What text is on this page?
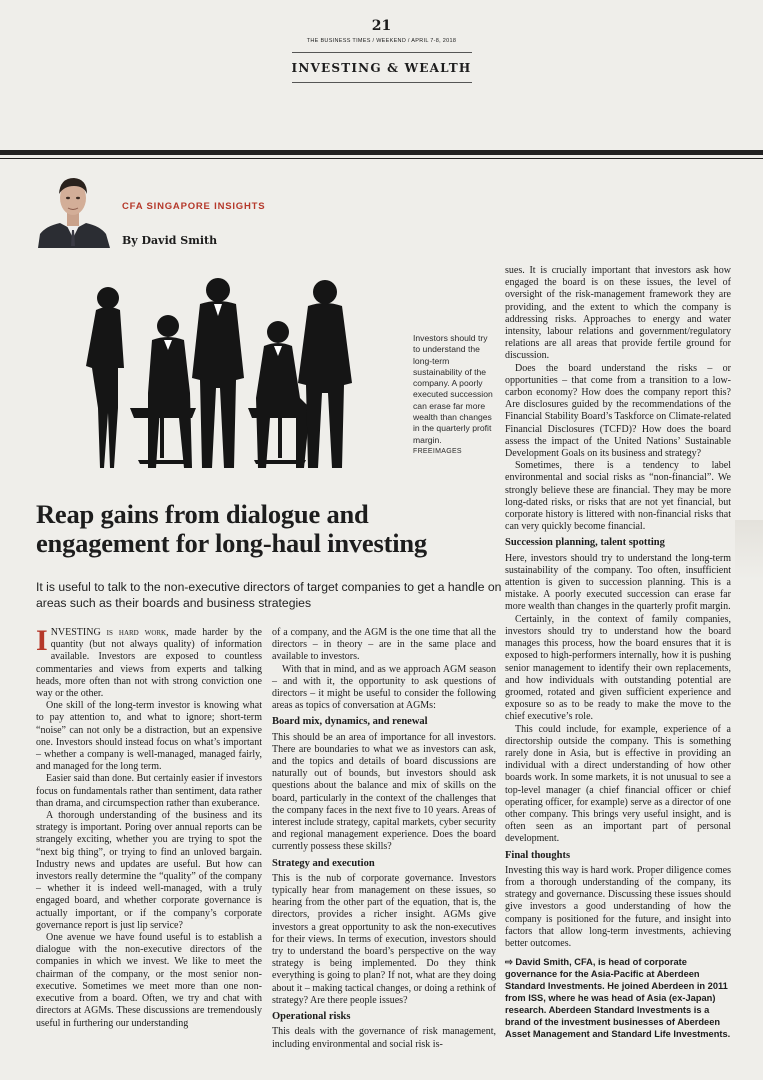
21
THE BUSINESS TIMES / WEEKEND / APRIL 7-8, 2018
INVESTING & WEALTH
CFA SINGAPORE INSIGHTS
By David Smith
Investors should try to understand the long-term sustainability of the company. A poorly executed succession can erase far more wealth than changes in the quarterly profit margin.
FREEIMAGES
Reap gains from dialogue and engagement for long-haul investing
It is useful to talk to the non-executive directors of target companies to get a handle on areas such as their boards and business strategies

INVESTING is hard work, made harder by the quantity (but not always quality) of information available. Investors are exposed to countless commentaries and views from experts and talking heads, more often than not with strong conviction one way or the other.

One skill of the long-term investor is knowing what to pay attention to, and what to ignore; short-term “noise” can not only be a distraction, but an expensive one. Investors should instead focus on what’s important – whether a company is well-managed, managed fairly, and managed for the long term.

Easier said than done. But certainly easier if investors focus on fundamentals rather than sentiment, data rather than drama, and circumspection rather than exuberance.

A thorough understanding of the business and its strategy is important. Poring over annual reports can be strangely exciting, whether you are trying to spot the “next big thing”, or trying to find an unloved bargain. Industry news and updates are useful. But how can investors really determine the “quality” of the company – whether it is indeed well-managed, with a truly engaged board, and whether corporate governance is actually important, or if the company’s corporate governance report is just lip service?

One avenue we have found useful is to establish a dialogue with the non-executive directors of the companies in which we invest. We like to meet the chairman of the company, or the most senior non-executive. Sometimes we meet more than one non-executive from a board. Often, we try and chat with directors at AGMs. These discussions are tremendously useful in furthering our understanding

of a company, and the AGM is the one time that all the directors – in theory – are in the same place and available to investors.

With that in mind, and as we approach AGM season – and with it, the opportunity to ask questions of directors – it might be useful to consider the following areas as topics of conversation at AGMs:

Board mix, dynamics, and renewal

This should be an area of importance for all investors. There are boundaries to what we as investors can ask, and the topics and details of board discussions are naturally out of bounds, but investors should ask questions about the balance and mix of skills on the board, particularly in the context of the challenges that the company faces in the next five to 10 years. Areas of interest include strategy, capital markets, cyber security and regional management experience. Does the board currently possess these skills?

Strategy and execution

This is the nub of corporate governance. Investors typically hear from management on these issues, so hearing from the other part of the equation, that is, the directors, provides a richer insight. AGMs give investors a great opportunity to ask the non-executives for their views. In terms of execution, investors should try to understand the board’s perspective on the way strategy is being implemented. Do they think everything is going to plan? If not, what are they doing about it – making tactical changes, or doing a rethink of strategy? Are there people issues?

Operational risks

This deals with the governance of risk management, including environmental and social risk is-

sues. It is crucially important that investors ask how engaged the board is on these issues, the level of oversight of the risk-management framework they are providing, and the extent to which the company is addressing risks. Approaches to energy and water intensity, labour relations and government/regulatory relations are all areas that provide fertile ground for discussion.

Does the board understand the risks – or opportunities – that come from a transition to a low-carbon economy? How does the company report this? Are disclosures guided by the recommendations of the Financial Stability Board’s Taskforce on Climate-related Financial Disclosures (TCFD)? How does the board assess the impact of the United Nations’ Sustainable Development Goals on its business and strategy?

Sometimes, there is a tendency to label environmental and social risks as “non-financial”. We strongly believe these are financial. They may be more long-dated risks, or risks that are not yet financial, but corporate history is littered with non-financial risks that can very quickly become financial.

Succession planning, talent spotting

Here, investors should try to understand the long-term sustainability of the company. Too often, insufficient attention is given to succession planning. This is a mistake. A poorly executed succession can erase far more wealth than changes in the quarterly profit margin.

Certainly, in the context of family companies, investors should try to understand how the board manages this process, how the board ensures that it is exposed to high-performers internally, how it is pushing senior management to identify their own replacements, and how individuals with outstanding potential are groomed, rotated and given sufficient experience and exposure so as to be ready to make the move to the chief executive’s role.

This could include, for example, experience of a directorship outside the company. This is something rarely done in Asia, but is effective in providing an individual with a direct understanding of how other boards work. In some markets, it is not unusual to see a top-level manager (a chief financial officer or chief operating officer, for example) serve as a director of one other company. This brings very useful insight, and is often seen as an important part of personal development.

Final thoughts

Investing this way is hard work. Proper diligence comes from a thorough understanding of the company, its strategy and governance. Discussing these issues should give investors a good understanding of how the company is positioned for the future, and insight into factors that allow long-term investments, achieving better outcomes.

⇨ David Smith, CFA, is head of corporate governance for the Asia-Pacific at Aberdeen Standard Investments. He joined Aberdeen in 2011 from ISS, where he was head of Asia (ex-Japan) research. Aberdeen Standard Investments is a brand of the investment businesses of Aberdeen Asset Management and Standard Life Investments.
